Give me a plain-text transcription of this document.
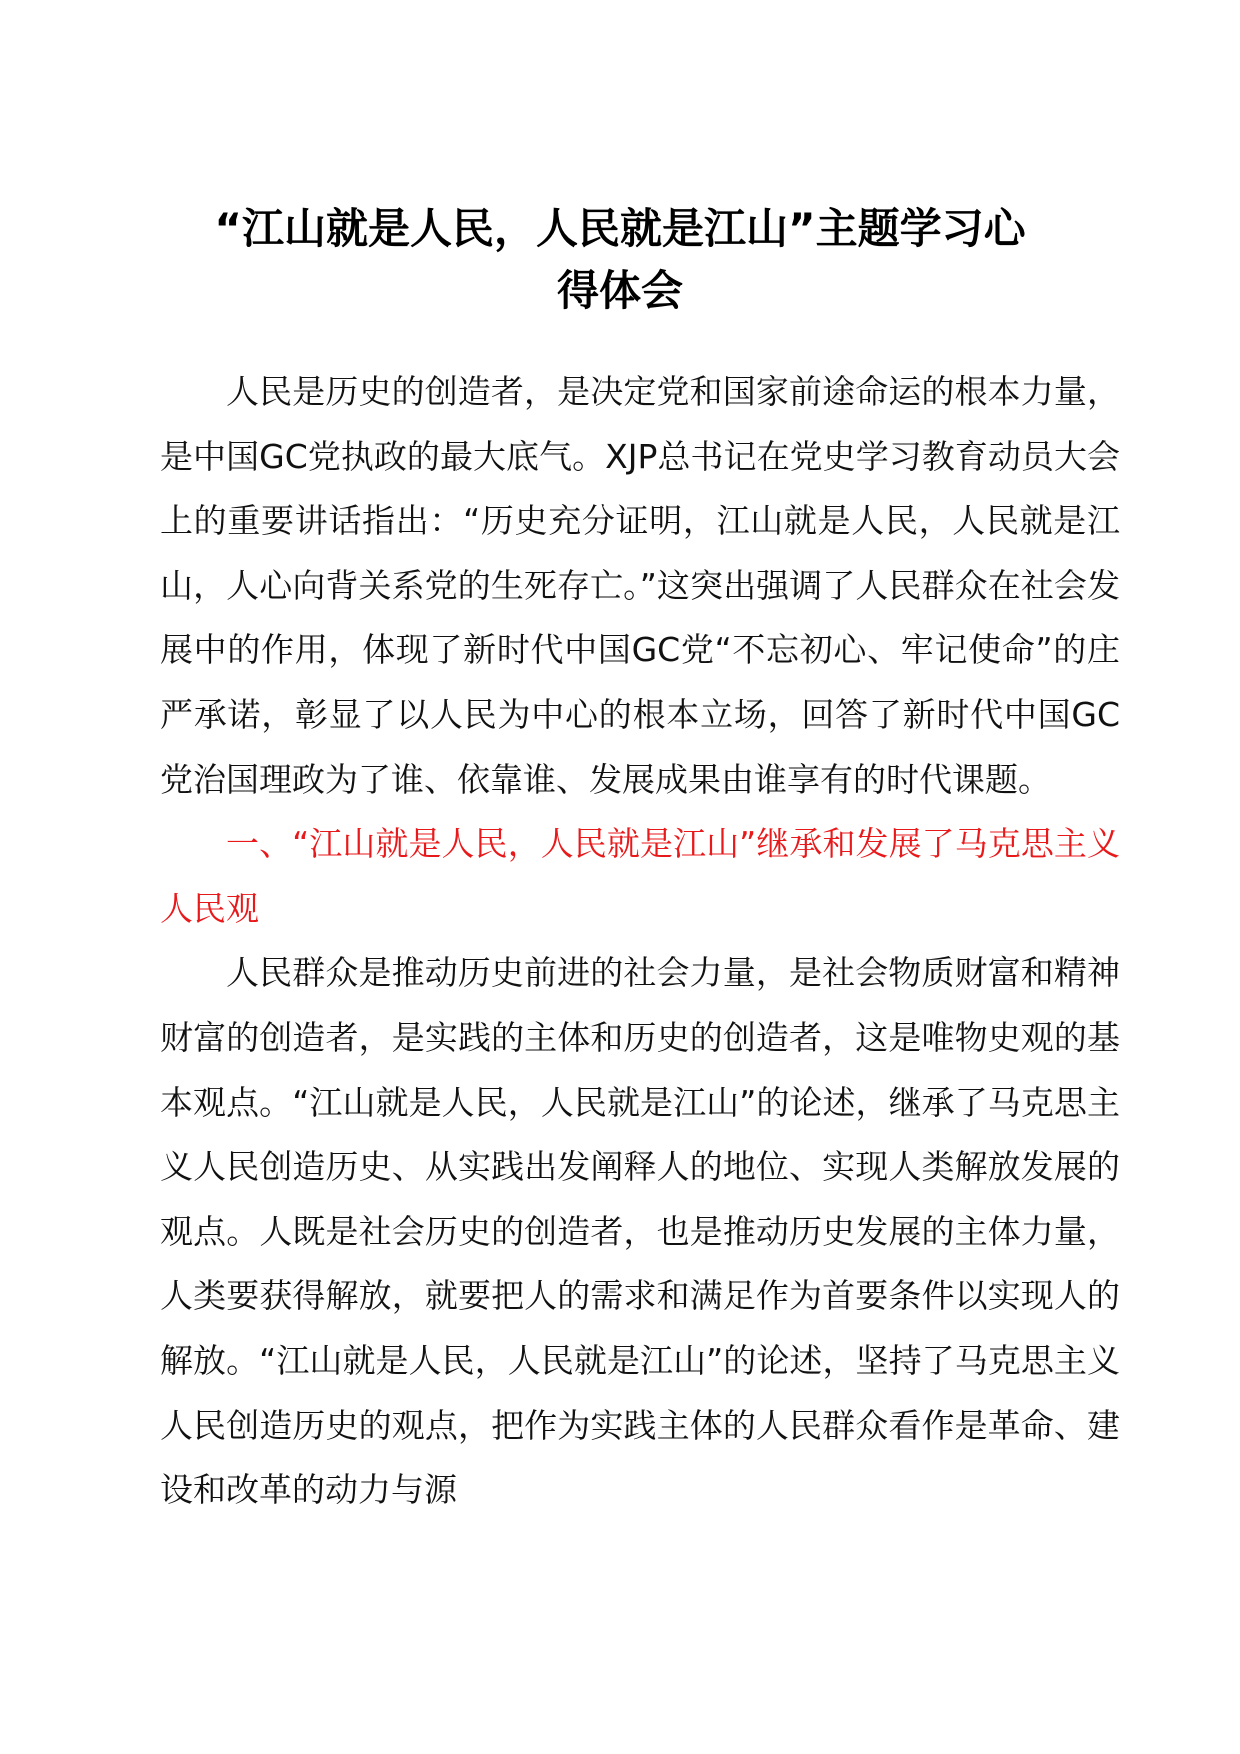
“江山就是人民，人民就是江山”主题学习心
得体会

人民是历史的创造者，是决定党和国家前途命运的根本力量，是中国GC党执政的最大底气。XJP总书记在党史学习教育动员大会上的重要讲话指出：“历史充分证明，江山就是人民，人民就是江山，人心向背关系党的生死存亡。”这突出强调了人民群众在社会发展中的作用，体现了新时代中国GC党“不忘初心、牢记使命”的庄严承诺，彰显了以人民为中心的根本立场，回答了新时代中国GC党治国理政为了谁、依靠谁、发展成果由谁享有的时代课题。

一、“江山就是人民，人民就是江山”继承和发展了马克思主义人民观

人民群众是推动历史前进的社会力量，是社会物质财富和精神财富的创造者，是实践的主体和历史的创造者，这是唯物史观的基本观点。“江山就是人民，人民就是江山”的论述，继承了马克思主义人民创造历史、从实践出发阐释人的地位、实现人类解放发展的观点。人既是社会历史的创造者，也是推动历史发展的主体力量，人类要获得解放，就要把人的需求和满足作为首要条件以实现人的解放。“江山就是人民，人民就是江山”的论述，坚持了马克思主义人民创造历史的观点，把作为实践主体的人民群众看作是革命、建设和改革的动力与源
